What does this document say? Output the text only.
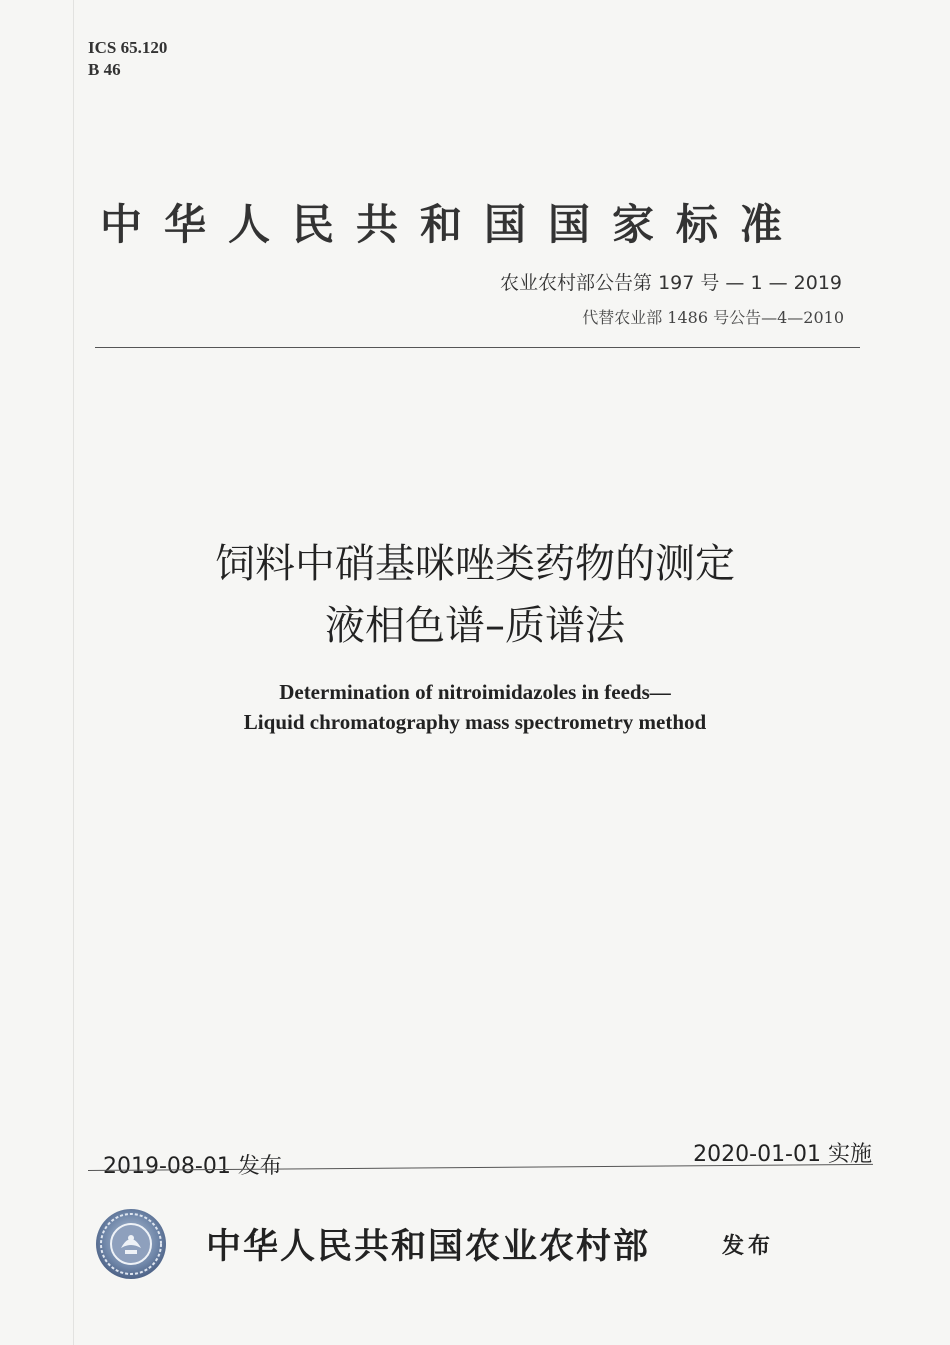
ICS 65.120
B 46
中华人民共和国国家标准
农业农村部公告第 197 号 — 1 — 2019
代替农业部 1486 号公告—4—2010
饲料中硝基咪唑类药物的测定
液相色谱–质谱法
Determination of nitroimidazoles in feeds—
Liquid chromatography mass spectrometry method
2019-08-01 发布	2020-01-01 实施
中华人民共和国农业农村部	发布
